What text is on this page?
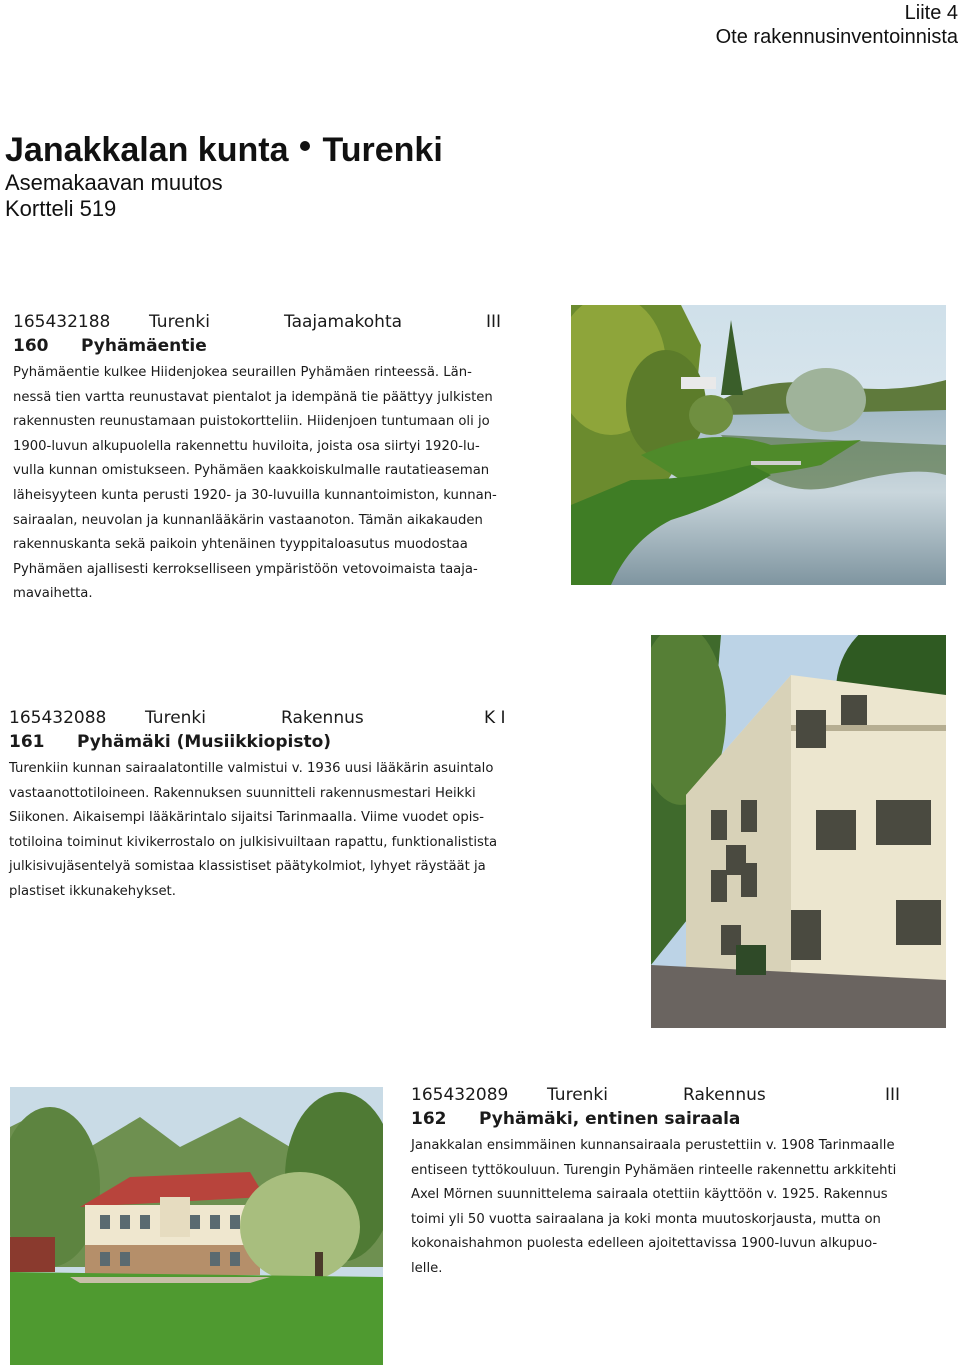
Liite 4
Ote rakennusinventoinnista
Janakkalan kunta Turenki
Asemakaavan muutos
Kortteli 519
165432188	Turenki	Taajamakohta	III
160	Pyhämäentie
Pyhämäentie kulkee Hiidenjokea seuraillen Pyhämäen rinteessä. Län-
nessä tien vartta reunustavat pientalot ja idempänä tie päättyy julkisten
rakennusten reunustamaan puistokortteliin. Hiidenjoen tuntumaan oli jo
1900-luvun alkupuolella rakennettu huviloita, joista osa siirtyi 1920-lu-
vulla kunnan omistukseen. Pyhämäen kaakkoiskulmalle rautatieaseman
läheisyyteen kunta perusti 1920- ja 30-luvuilla kunnantoimiston, kunnan-
sairaalan, neuvolan ja kunnanlääkärin vastaanoton. Tämän aikakauden
rakennuskanta sekä paikoin yhtenäinen tyyppitaloasutus muodostaa
Pyhämäen ajallisesti kerrokselliseen ympäristöön vetovoimaista taaja-
mavaihetta.
165432088	Turenki	Rakennus	K I
161	Pyhämäki (Musiikkiopisto)
Turenkiin kunnan sairaalatontille valmistui v. 1936 uusi lääkärin asuintalo
vastaanottotiloineen. Rakennuksen suunnitteli rakennusmestari Heikki
Siikonen. Aikaisempi lääkärintalo sijaitsi Tarinmaalla. Viime vuodet opis-
totiloina toiminut kivikerrostalo on julkisivuiltaan rapattu, funktionalistista
julkisivujäsentelyä somistaa klassistiset päätykolmiot, lyhyet räystäät ja
plastiset ikkunakehykset.
165432089	Turenki	Rakennus	III
162	Pyhämäki, entinen sairaala
Janakkalan ensimmäinen kunnansairaala perustettiin v. 1908 Tarinmaalle
entiseen tyttökouluun. Turengin Pyhämäen rinteelle rakennettu arkkitehti
Axel Mörnen suunnittelema sairaala otettiin käyttöön v. 1925. Rakennus
toimi yli 50 vuotta sairaalana ja koki monta muutoskorjausta, mutta on
kokonaishahmon puolesta edelleen ajoitettavissa 1900-luvun alkupuo-
lelle.
